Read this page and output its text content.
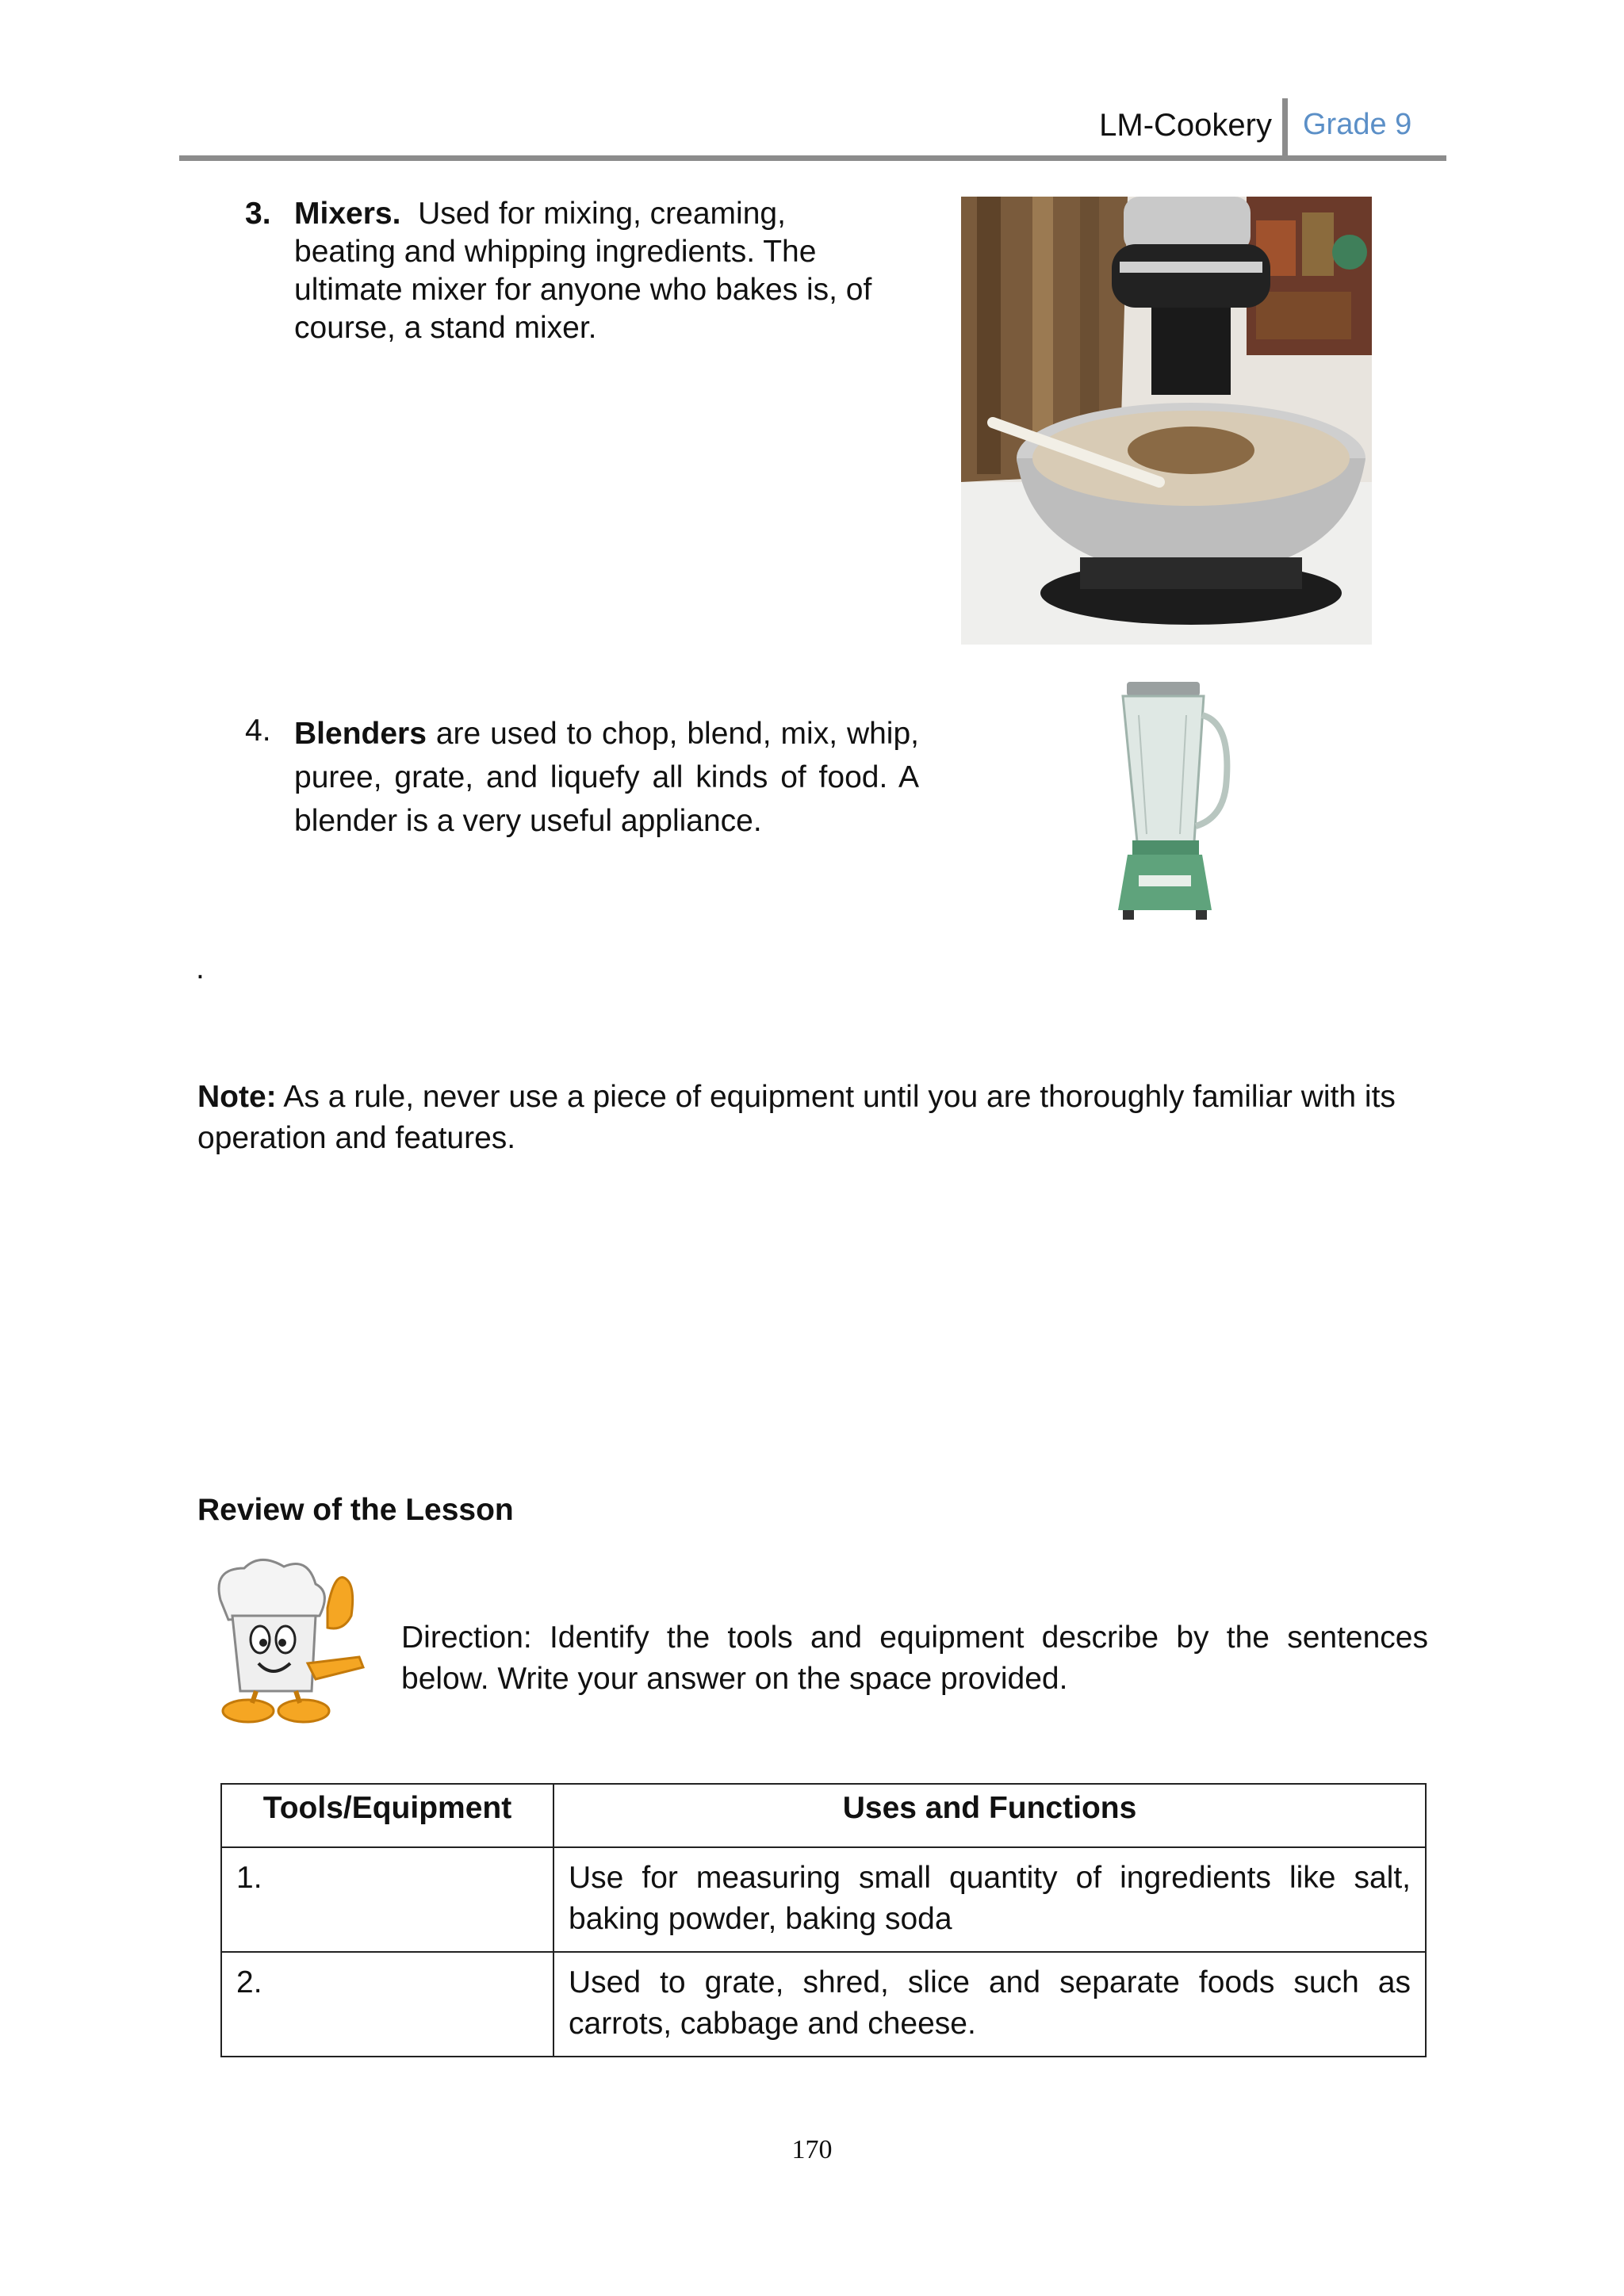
LM-Cookery Grade 9
3. Mixers. Used for mixing, creaming, beating and whipping ingredients. The ultimate mixer for anyone who bakes is, of course, a stand mixer.
4. Blenders are used to chop, blend, mix, whip, puree, grate, and liquefy all kinds of food. A blender is a very useful appliance.
.
Note: As a rule, never use a piece of equipment until you are thoroughly familiar with its operation and features.
Review of the Lesson
Direction: Identify the tools and equipment describe by the sentences below. Write your answer on the space provided.
Tools/Equipment	Uses and Functions
1.	Use for measuring small quantity of ingredients like salt, baking powder, baking soda
2.	Used to grate, shred, slice and separate foods such as carrots, cabbage and cheese.
170
